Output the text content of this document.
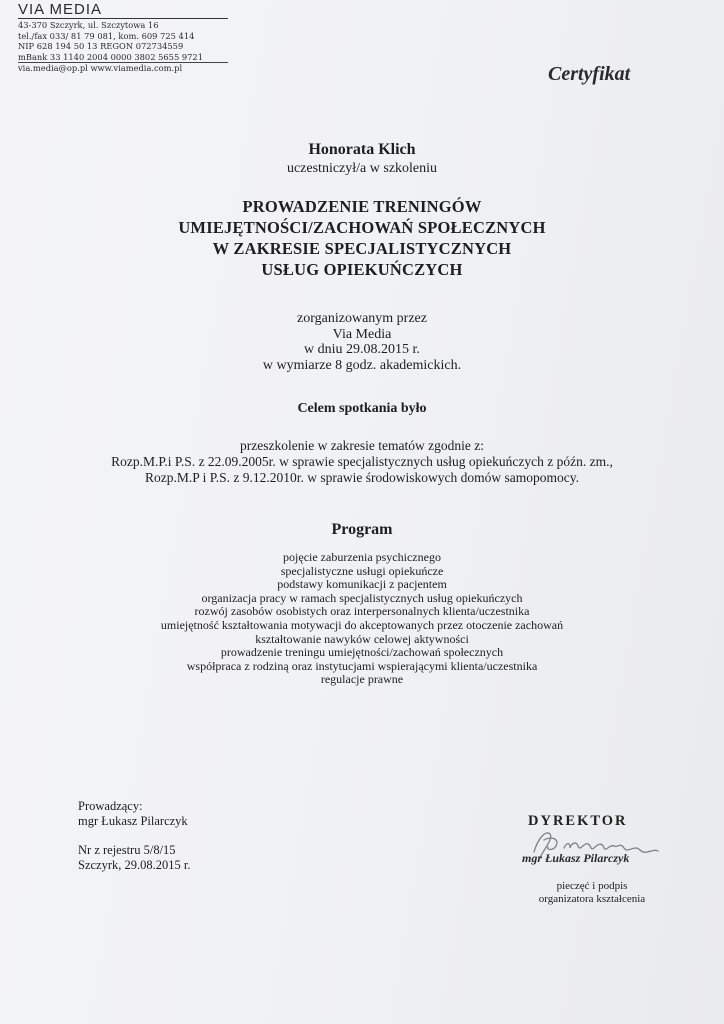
VIA MEDIA
43-370 Szczyrk, ul. Szczytowa 16
tel./fax 033/ 81 79 081, kom. 609 725 414
NIP 628 194 50 13 REGON 072734559
mBank 33 1140 2004 0000 3802 5655 9721
via.media@op.pl www.viamedia.com.pl	Certyfikat
Honorata Klich
uczestniczył/a w szkoleniu
PROWADZENIE TRENINGÓW
UMIEJĘTNOŚCI/ZACHOWAŃ SPOŁECZNYCH
W ZAKRESIE SPECJALISTYCZNYCH
USŁUG OPIEKUŃCZYCH
zorganizowanym przez
Via Media
w dniu 29.08.2015 r.
w wymiarze 8 godz. akademickich.
Celem spotkania było
przeszkolenie w zakresie tematów zgodnie z:
Rozp.M.P.i P.S. z 22.09.2005r. w sprawie specjalistycznych usług opiekuńczych z późn. zm.,
Rozp.M.P i P.S. z 9.12.2010r. w sprawie środowiskowych domów samopomocy.
Program
pojęcie zaburzenia psychicznego
specjalistyczne usługi opiekuńcze
podstawy komunikacji z pacjentem
organizacja pracy w ramach specjalistycznych usług opiekuńczych
rozwój zasobów osobistych oraz interpersonalnych klienta/uczestnika
umiejętność kształtowania motywacji do akceptowanych przez otoczenie zachowań
kształtowanie nawyków celowej aktywności
prowadzenie treningu umiejętności/zachowań społecznych
współpraca z rodziną oraz instytucjami wspierającymi klienta/uczestnika
regulacje prawne
Prowadzący:
mgr Łukasz Pilarczyk
Nr z rejestru 5/8/15
Szczyrk, 29.08.2015 r.
DYREKTOR
mgr Łukasz Pilarczyk
pieczęć i podpis
organizatora kształcenia
